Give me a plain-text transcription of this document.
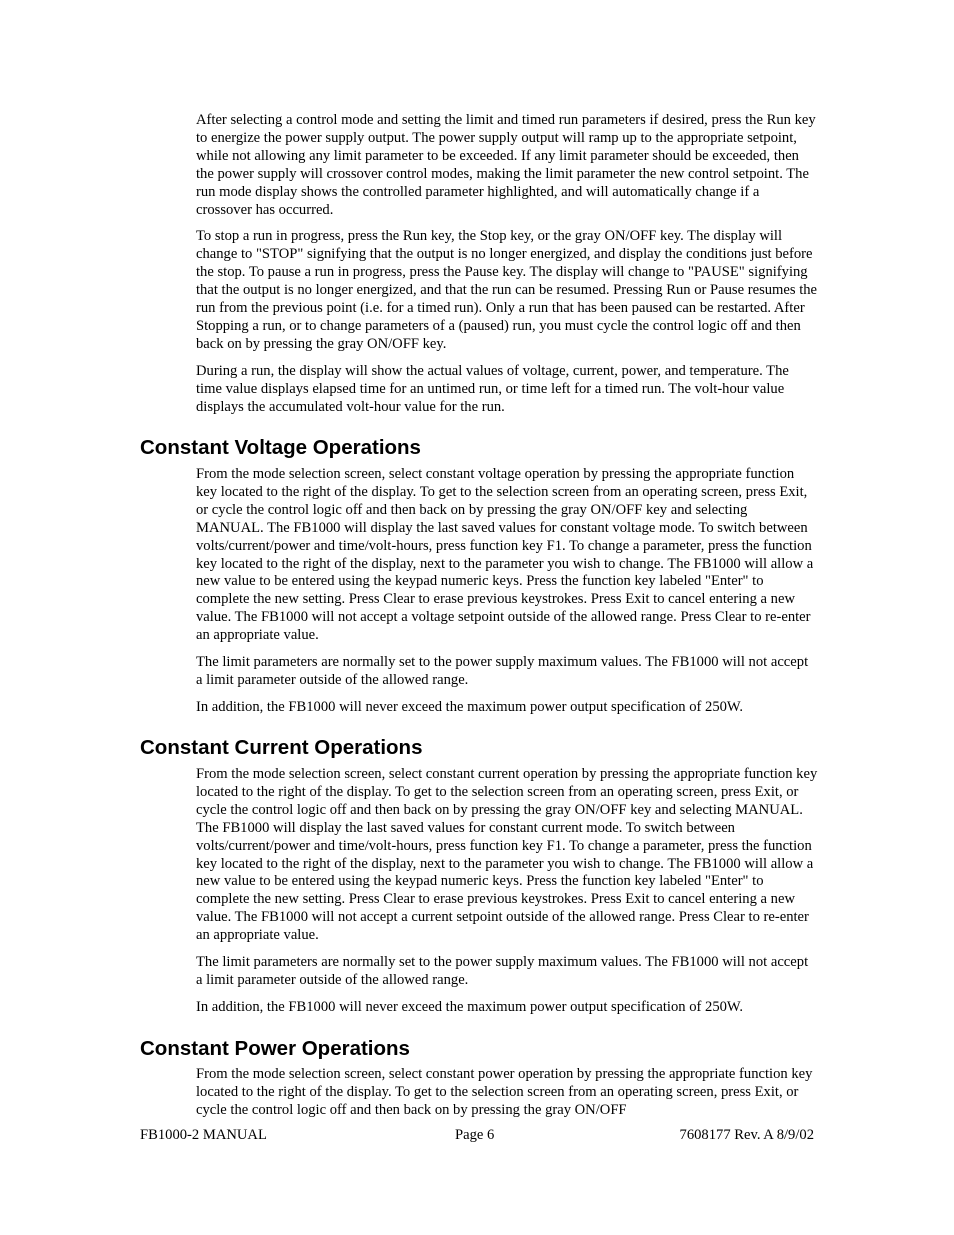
After selecting a control mode and setting the limit and timed run parameters if desired, press the Run key to energize the power supply output. The power supply output will ramp up to the appropriate setpoint, while not allowing any limit parameter to be exceeded. If any limit parameter should be exceeded, then the power supply will crossover control modes, making the limit parameter the new control setpoint. The run mode display shows the controlled parameter highlighted, and will automatically change if a crossover has occurred.

To stop a run in progress, press the Run key, the Stop key, or the gray ON/OFF key. The display will change to "STOP" signifying that the output is no longer energized, and display the conditions just before the stop. To pause a run in progress, press the Pause key. The display will change to "PAUSE" signifying that the output is no longer energized, and that the run can be resumed. Pressing Run or Pause resumes the run from the previous point (i.e. for a timed run). Only a run that has been paused can be restarted. After Stopping a run, or to change parameters of a (paused) run, you must cycle the control logic off and then back on by pressing the gray ON/OFF key.

During a run, the display will show the actual values of voltage, current, power, and temperature. The time value displays elapsed time for an untimed run, or time left for a timed run. The volt-hour value displays the accumulated volt-hour value for the run.

Constant Voltage Operations

From the mode selection screen, select constant voltage operation by pressing the appropriate function key located to the right of the display. To get to the selection screen from an operating screen, press Exit, or cycle the control logic off and then back on by pressing the gray ON/OFF key and selecting MANUAL. The FB1000 will display the last saved values for constant voltage mode. To switch between volts/current/power and time/volt-hours, press function key F1. To change a parameter, press the function key located to the right of the display, next to the parameter you wish to change. The FB1000 will allow a new value to be entered using the keypad numeric keys. Press the function key labeled "Enter" to complete the new setting. Press Clear to erase previous keystrokes. Press Exit to cancel entering a new value. The FB1000 will not accept a voltage setpoint outside of the allowed range. Press Clear to re-enter an appropriate value.

The limit parameters are normally set to the power supply maximum values. The FB1000 will not accept a limit parameter outside of the allowed range.

In addition, the FB1000 will never exceed the maximum power output specification of 250W.

Constant Current Operations

From the mode selection screen, select constant current operation by pressing the appropriate function key located to the right of the display. To get to the selection screen from an operating screen, press Exit, or cycle the control logic off and then back on by pressing the gray ON/OFF key and selecting MANUAL. The FB1000 will display the last saved values for constant current mode. To switch between volts/current/power and time/volt-hours, press function key F1. To change a parameter, press the function key located to the right of the display, next to the parameter you wish to change. The FB1000 will allow a new value to be entered using the keypad numeric keys. Press the function key labeled "Enter" to complete the new setting. Press Clear to erase previous keystrokes. Press Exit to cancel entering a new value. The FB1000 will not accept a current setpoint outside of the allowed range. Press Clear to re-enter an appropriate value.

The limit parameters are normally set to the power supply maximum values. The FB1000 will not accept a limit parameter outside of the allowed range.

In addition, the FB1000 will never exceed the maximum power output specification of 250W.

Constant Power Operations

From the mode selection screen, select constant power operation by pressing the appropriate function key located to the right of the display. To get to the selection screen from an operating screen, press Exit, or cycle the control logic off and then back on by pressing the gray ON/OFF

FB1000-2 MANUAL	Page 6	7608177 Rev. A 8/9/02
